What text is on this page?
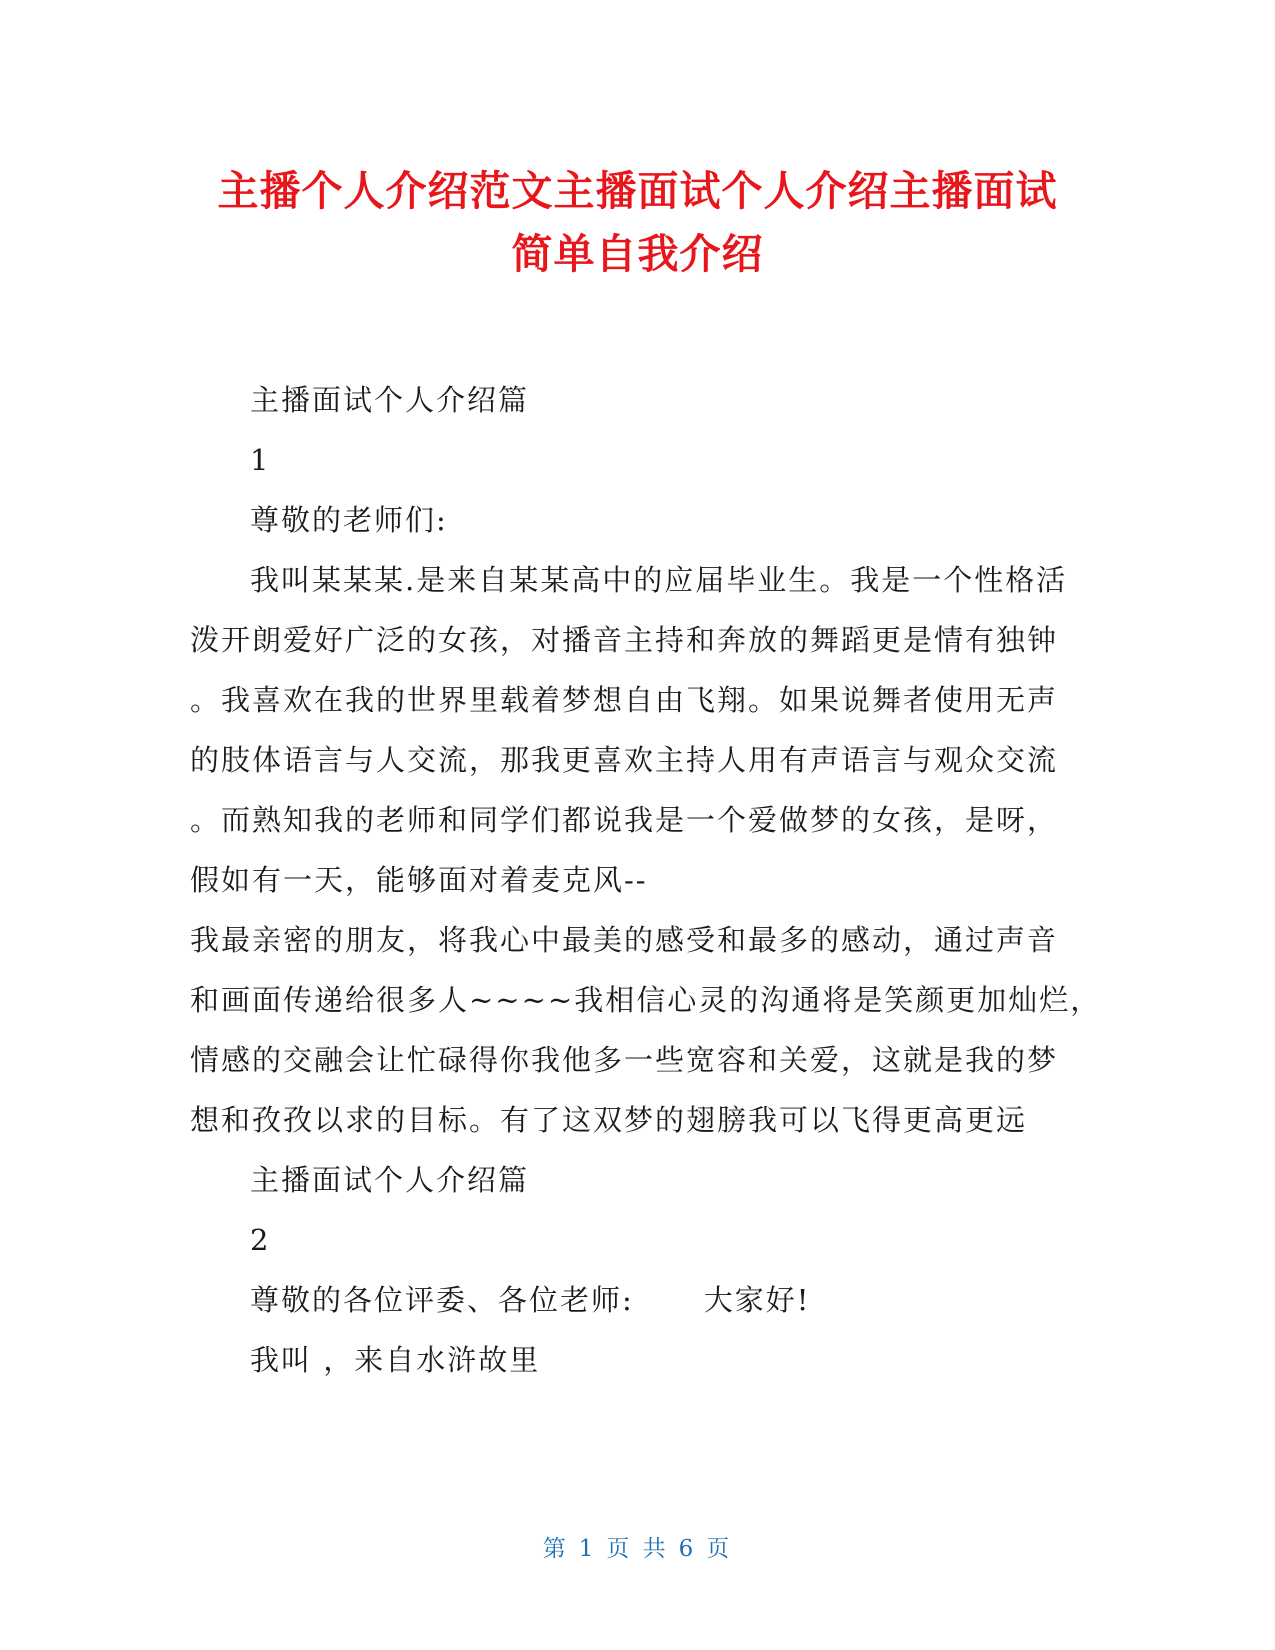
主播个人介绍范文主播面试个人介绍主播面试
简单自我介绍
主播面试个人介绍篇
1
尊敬的老师们:
我叫某某某.是来自某某高中的应届毕业生。我是一个性格活
泼开朗爱好广泛的女孩，对播音主持和奔放的舞蹈更是情有独钟
。我喜欢在我的世界里载着梦想自由飞翔。如果说舞者使用无声
的肢体语言与人交流，那我更喜欢主持人用有声语言与观众交流
。而熟知我的老师和同学们都说我是一个爱做梦的女孩，是呀，
假如有一天，能够面对着麦克风--
我最亲密的朋友，将我心中最美的感受和最多的感动，通过声音
和画面传递给很多人~~~~我相信心灵的沟通将是笑颜更加灿烂，
情感的交融会让忙碌得你我他多一些宽容和关爱，这就是我的梦
想和孜孜以求的目标。有了这双梦的翅膀我可以飞得更高更远
主播面试个人介绍篇
2
尊敬的各位评委、各位老师: 大家好!
我叫 ，来自水浒故里
第 1 页 共 6 页
